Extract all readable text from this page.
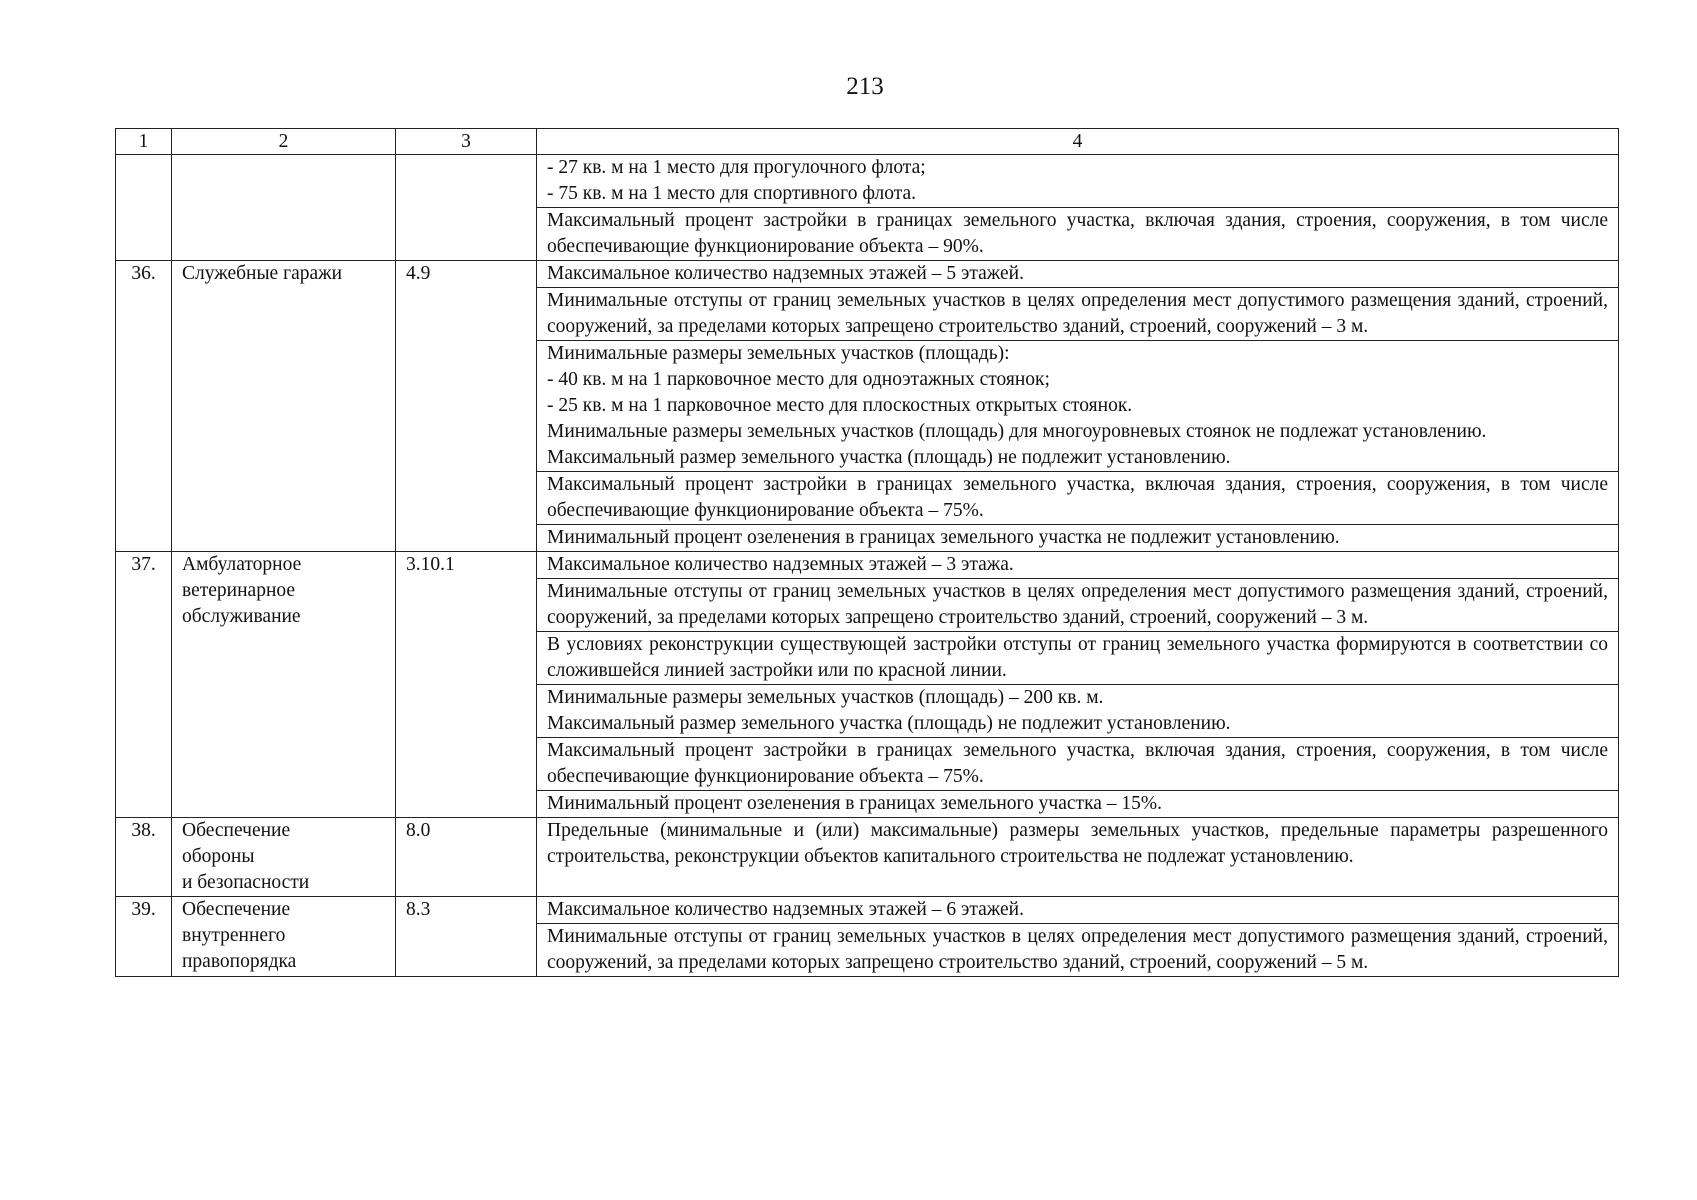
213
1	2	3	4

			- 27 кв. м на 1 место для прогулочного флота;
- 75 кв. м на 1 место для спортивного флота.

			Максимальный процент застройки в границах земельного участка, включая здания, строения, сооружения, в том числе обеспечивающие функционирование объекта – 90%.
36.	Служебные гаражи	4.9	Максимальное количество надземных этажей – 5 этажей.
			Минимальные отступы от границ земельных участков в целях определения мест допустимого размещения зданий, строений, сооружений, за пределами которых запрещено строительство зданий, строений, сооружений – 3 м.

			Минимальные размеры земельных участков (площадь):
- 40 кв. м на 1 парковочное место для одноэтажных стоянок;
- 25 кв. м на 1 парковочное место для плоскостных открытых стоянок.
Минимальные размеры земельных участков (площадь) для многоуровневых стоянок не подлежат установлению.
Максимальный размер земельного участка (площадь) не подлежит установлению.

			Максимальный процент застройки в границах земельного участка, включая здания, строения, сооружения, в том числе обеспечивающие функционирование объекта – 75%.
			Минимальный процент озеленения в границах земельного участка не подлежит установлению.
37.	Амбулаторное
ветеринарное
обслуживание	3.10.1	Максимальное количество надземных этажей – 3 этажа.
			Минимальные отступы от границ земельных участков в целях определения мест допустимого размещения зданий, строений, сооружений, за пределами которых запрещено строительство зданий, строений, сооружений – 3 м.
			В условиях реконструкции существующей застройки отступы от границ земельного участка формируются в соответствии со сложившейся линией застройки или по красной линии.

			Минимальные размеры земельных участков (площадь) – 200 кв. м.
Максимальный размер земельного участка (площадь) не подлежит установлению.

			Максимальный процент застройки в границах земельного участка, включая здания, строения, сооружения, в том числе обеспечивающие функционирование объекта – 75%.
			Минимальный процент озеленения в границах земельного участка – 15%.
38.	Обеспечение
обороны
и безопасности	8.0	Предельные (минимальные и (или) максимальные) размеры земельных участков, предельные параметры разрешенного строительства, реконструкции объектов капитального строительства не подлежат установлению.
39.	Обеспечение
внутреннего
правопорядка	8.3	Максимальное количество надземных этажей – 6 этажей.
			Минимальные отступы от границ земельных участков в целях определения мест допустимого размещения зданий, строений, сооружений, за пределами которых запрещено строительство зданий, строений, сооружений – 5 м.
